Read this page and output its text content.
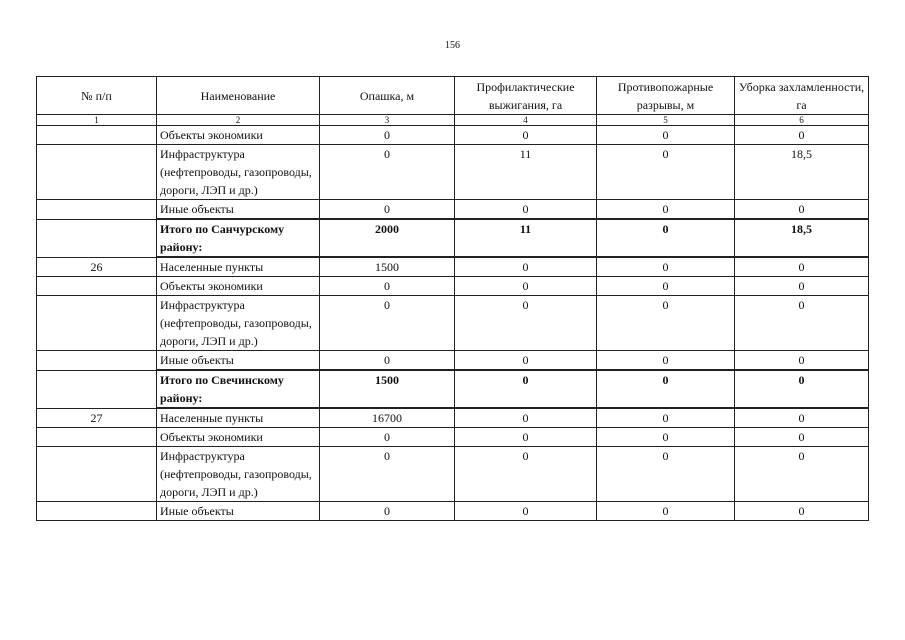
156
№ п/п	Наименование	Опашка, м	Профилактические выжигания, га	Противопожарные разрывы, м	Уборка захламленности, га
1	2	3	4	5	6
	Объекты экономики	0	0	0	0
	Инфраструктура (нефтепроводы, газопроводы, дороги, ЛЭП и др.)	0	11	0	18,5
	Иные объекты	0	0	0	0
	Итого по Санчурскому району:	2000	11	0	18,5
26	Населенные пункты	1500	0	0	0
	Объекты экономики	0	0	0	0
	Инфраструктура (нефтепроводы, газопроводы, дороги, ЛЭП и др.)	0	0	0	0
	Иные объекты	0	0	0	0
	Итого по Свечинскому району:	1500	0	0	0
27	Населенные пункты	16700	0	0	0
	Объекты экономики	0	0	0	0
	Инфраструктура (нефтепроводы, газопроводы, дороги, ЛЭП и др.)	0	0	0	0
	Иные объекты	0	0	0	0
